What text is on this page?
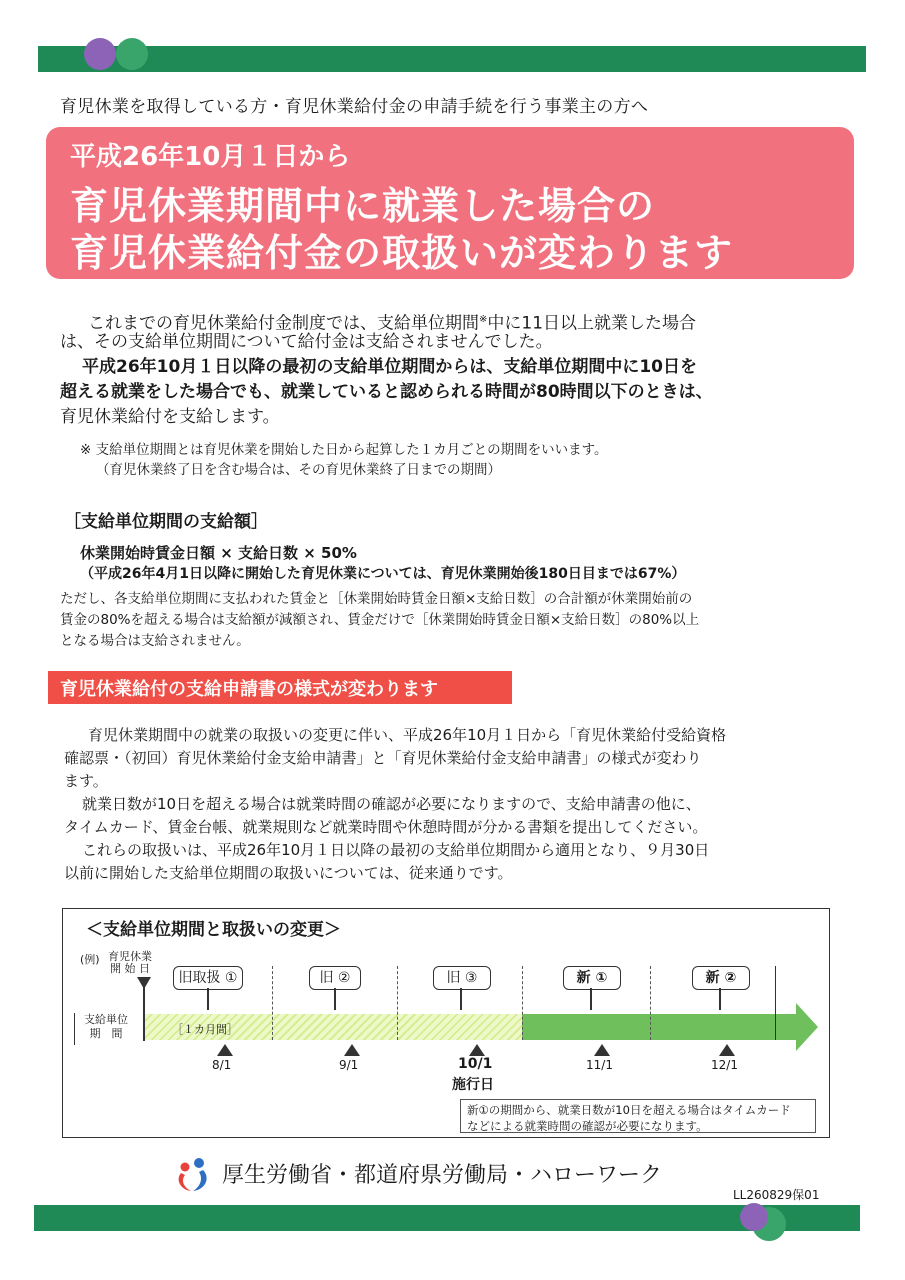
育児休業を取得している方・育児休業給付金の申請手続を行う事業主の方へ
平成26年10月１日から
育児休業期間中に就業した場合の
育児休業給付金の取扱いが変わります
これまでの育児休業給付金制度では、支給単位期間※中に11日以上就業した場合
は、その支給単位期間について給付金は支給されませんでした。
平成26年10月１日以降の最初の支給単位期間からは、支給単位期間中に10日を
超える就業をした場合でも、就業していると認められる時間が80時間以下のときは、
育児休業給付を支給します。
※ 支給単位期間とは育児休業を開始した日から起算した１カ月ごとの期間をいいます。
（育児休業終了日を含む場合は、その育児休業終了日までの期間）
［支給単位期間の支給額］
休業開始時賃金日額 × 支給日数 × 50%
（平成26年4月1日以降に開始した育児休業については、育児休業開始後180日目までは67%）
ただし、各支給単位期間に支払われた賃金と［休業開始時賃金日額×支給日数］の合計額が休業開始前の
賃金の80%を超える場合は支給額が減額され、賃金だけで［休業開始時賃金日額×支給日数］の80%以上
となる場合は支給されません。
育児休業給付の支給申請書の様式が変わります
育児休業期間中の就業の取扱いの変更に伴い、平成26年10月１日から「育児休業給付受給資格
確認票・（初回）育児休業給付金支給申請書」と「育児休業給付金支給申請書」の様式が変わり
ます。
就業日数が10日を超える場合は就業時間の確認が必要になりますので、支給申請書の他に、
タイムカード、賃金台帳、就業規則など就業時間や休憩時間が分かる書類を提出してください。
これらの取扱いは、平成26年10月１日以降の最初の支給単位期間から適用となり、９月30日
以前に開始した支給単位期間の取扱いについては、従来通りです。
＜支給単位期間と取扱いの変更＞
(例) 育児休業
開 始 日
支給単位
期　間	［１カ月間］
旧取扱 ①	旧 ②	旧 ③	新 ①	新 ②
8/1	9/1	10/1	11/1	12/1
施行日
新①の期間から、就業日数が10日を超える場合はタイムカード
などによる就業時間の確認が必要になります。
厚生労働省・都道府県労働局・ハローワーク
LL260829保01
